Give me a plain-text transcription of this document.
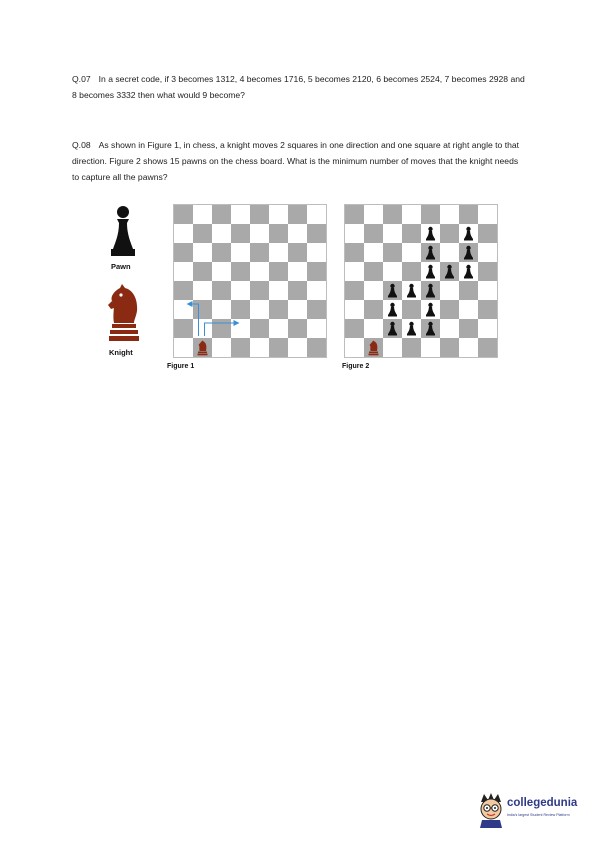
Q.07 In a secret code, if 3 becomes 1312, 4 becomes 1716, 5 becomes 2120, 6 becomes 2524, 7 becomes 2928 and 8 becomes 3332 then what would 9 become?
Q.08 As shown in Figure 1, in chess, a knight moves 2 squares in one direction and one square at right angle to that direction. Figure 2 shows 15 pawns on the chess board. What is the minimum number of moves that the knight needs to capture all the pawns?
Pawn
Knight
Figure 1	Figure 2
collegedunia
India's largest Student Review Platform
